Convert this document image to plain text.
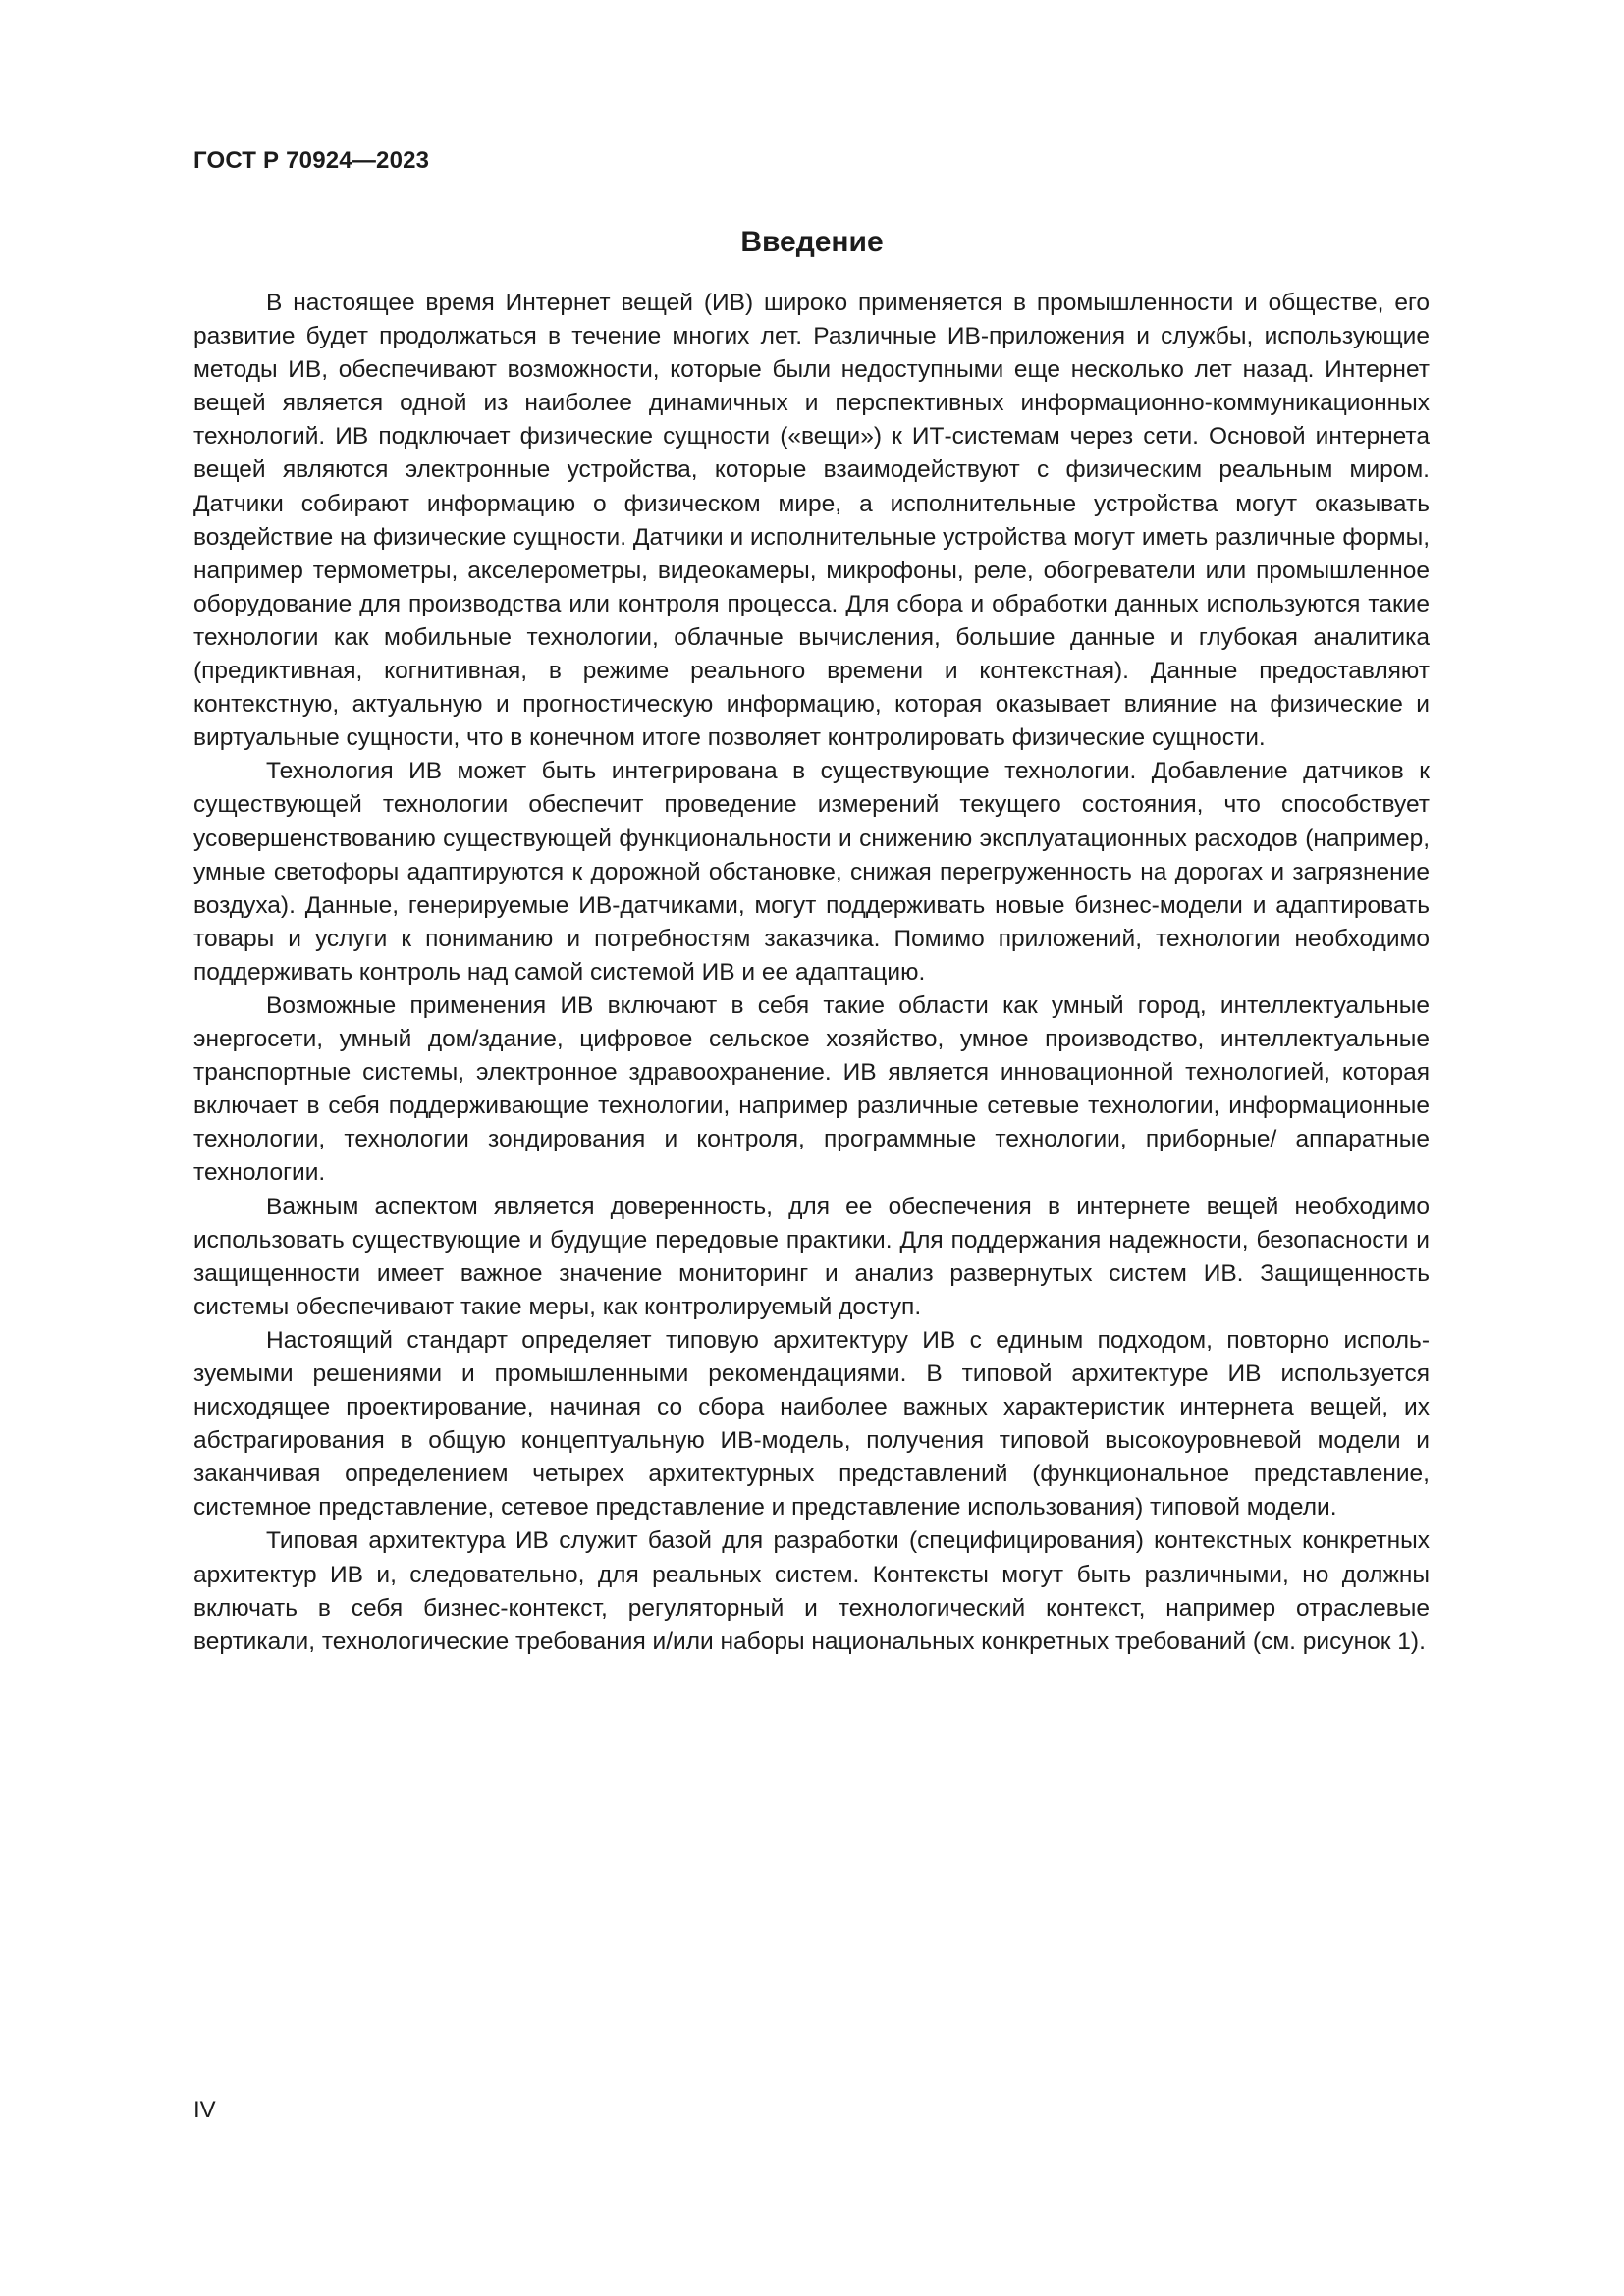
ГОСТ Р 70924—2023
Введение

В настоящее время Интернет вещей (ИВ) широко применяется в промышленности и обществе, его развитие будет продолжаться в течение многих лет. Различные ИВ-приложения и службы, использующие методы ИВ, обеспечивают возможности, которые были недоступными еще несколько лет назад. Интернет вещей является одной из наиболее динамичных и перспективных информационно-коммуникационных технологий. ИВ подключает физические сущности («вещи») к ИТ-системам через сети. Основой интернета вещей являются электронные устройства, которые взаимодействуют с физическим реальным миром. Датчики собирают информацию о физическом мире, а исполнительные устройства могут оказывать воздействие на физические сущности. Датчики и исполнительные устройства могут иметь различные формы, например термометры, акселерометры, видеокамеры, микрофоны, реле, обогреватели или промышленное оборудование для производства или контроля процесса. Для сбора и обработки данных используются такие технологии как мобильные технологии, облачные вычисления, большие данные и глубокая аналитика (предиктивная, когнитивная, в режиме реального времени и контекстная). Данные предоставляют контекстную, актуальную и прогностическую информацию, которая оказывает влияние на физические и виртуальные сущности, что в конечном итоге позволяет контролировать физические сущности.

Технология ИВ может быть интегрирована в существующие технологии. Добавление датчиков к существующей технологии обеспечит проведение измерений текущего состояния, что способствует усовершенствованию существующей функциональности и снижению эксплуатационных расходов (например, умные светофоры адаптируются к дорожной обстановке, снижая перегруженность на дорогах и загрязнение воздуха). Данные, генерируемые ИВ-датчиками, могут поддерживать новые бизнес-модели и адаптировать товары и услуги к пониманию и потребностям заказчика. Помимо приложений, технологии необходимо поддерживать контроль над самой системой ИВ и ее адаптацию.

Возможные применения ИВ включают в себя такие области как умный город, интеллектуальные энергосети, умный дом/здание, цифровое сельское хозяйство, умное производство, интеллектуальные транспортные системы, электронное здравоохранение. ИВ является инновационной технологией, которая включает в себя поддерживающие технологии, например различные сетевые технологии, информационные технологии, технологии зондирования и контроля, программные технологии, приборные/ аппаратные технологии.

Важным аспектом является доверенность, для ее обеспечения в интернете вещей необходимо использовать существующие и будущие передовые практики. Для поддержания надежности, безопасности и защищенности имеет важное значение мониторинг и анализ развернутых систем ИВ. Защищенность системы обеспечивают такие меры, как контролируемый доступ.

Настоящий стандарт определяет типовую архитектуру ИВ с единым подходом, повторно используемыми решениями и промышленными рекомендациями. В типовой архитектуре ИВ используется нисходящее проектирование, начиная со сбора наиболее важных характеристик интернета вещей, их абстрагирования в общую концептуальную ИВ-модель, получения типовой высокоуровневой модели и заканчивая определением четырех архитектурных представлений (функциональное представление, системное представление, сетевое представление и представление использования) типовой модели.

Типовая архитектура ИВ служит базой для разработки (специфицирования) контекстных конкретных архитектур ИВ и, следовательно, для реальных систем. Контексты могут быть различными, но должны включать в себя бизнес-контекст, регуляторный и технологический контекст, например отраслевые вертикали, технологические требования и/или наборы национальных конкретных требований (см. рисунок 1).

IV
